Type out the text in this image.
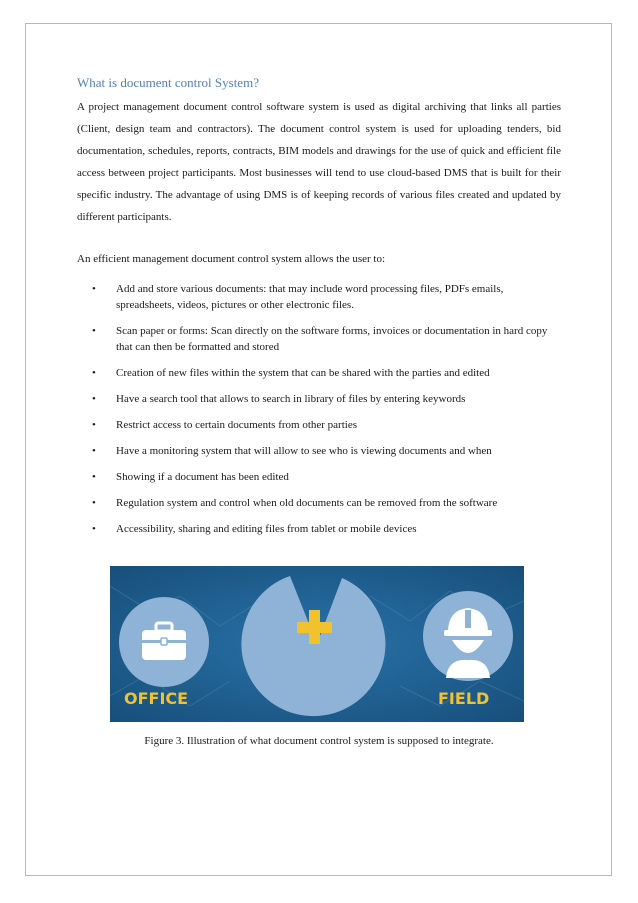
What is document control System?

A project management document control software system is used as digital archiving that links all parties (Client, design team and contractors). The document control system is used for uploading tenders, bid documentation, schedules, reports, contracts, BIM models and drawings for the use of quick and efficient file access between project participants. Most businesses will tend to use cloud-based DMS that is built for their specific industry. The advantage of using DMS is of keeping records of various files created and updated by different participants.

An efficient management document control system allows the user to:
• Add and store various documents: that may include word processing files, PDFs emails, spreadsheets, videos, pictures or other electronic files.
• Scan paper or forms: Scan directly on the software forms, invoices or documentation in hard copy that can then be formatted and stored
• Creation of new files within the system that can be shared with the parties and edited
• Have a search tool that allows to search in library of files by entering keywords
• Restrict access to certain documents from other parties
• Have a monitoring system that will allow to see who is viewing documents and when
• Showing if a document has been edited
• Regulation system and control when old documents can be removed from the software
• Accessibility, sharing and editing files from tablet or mobile devices
OFFICE	FIELD
Figure 3. Illustration of what document control system is supposed to integrate.
